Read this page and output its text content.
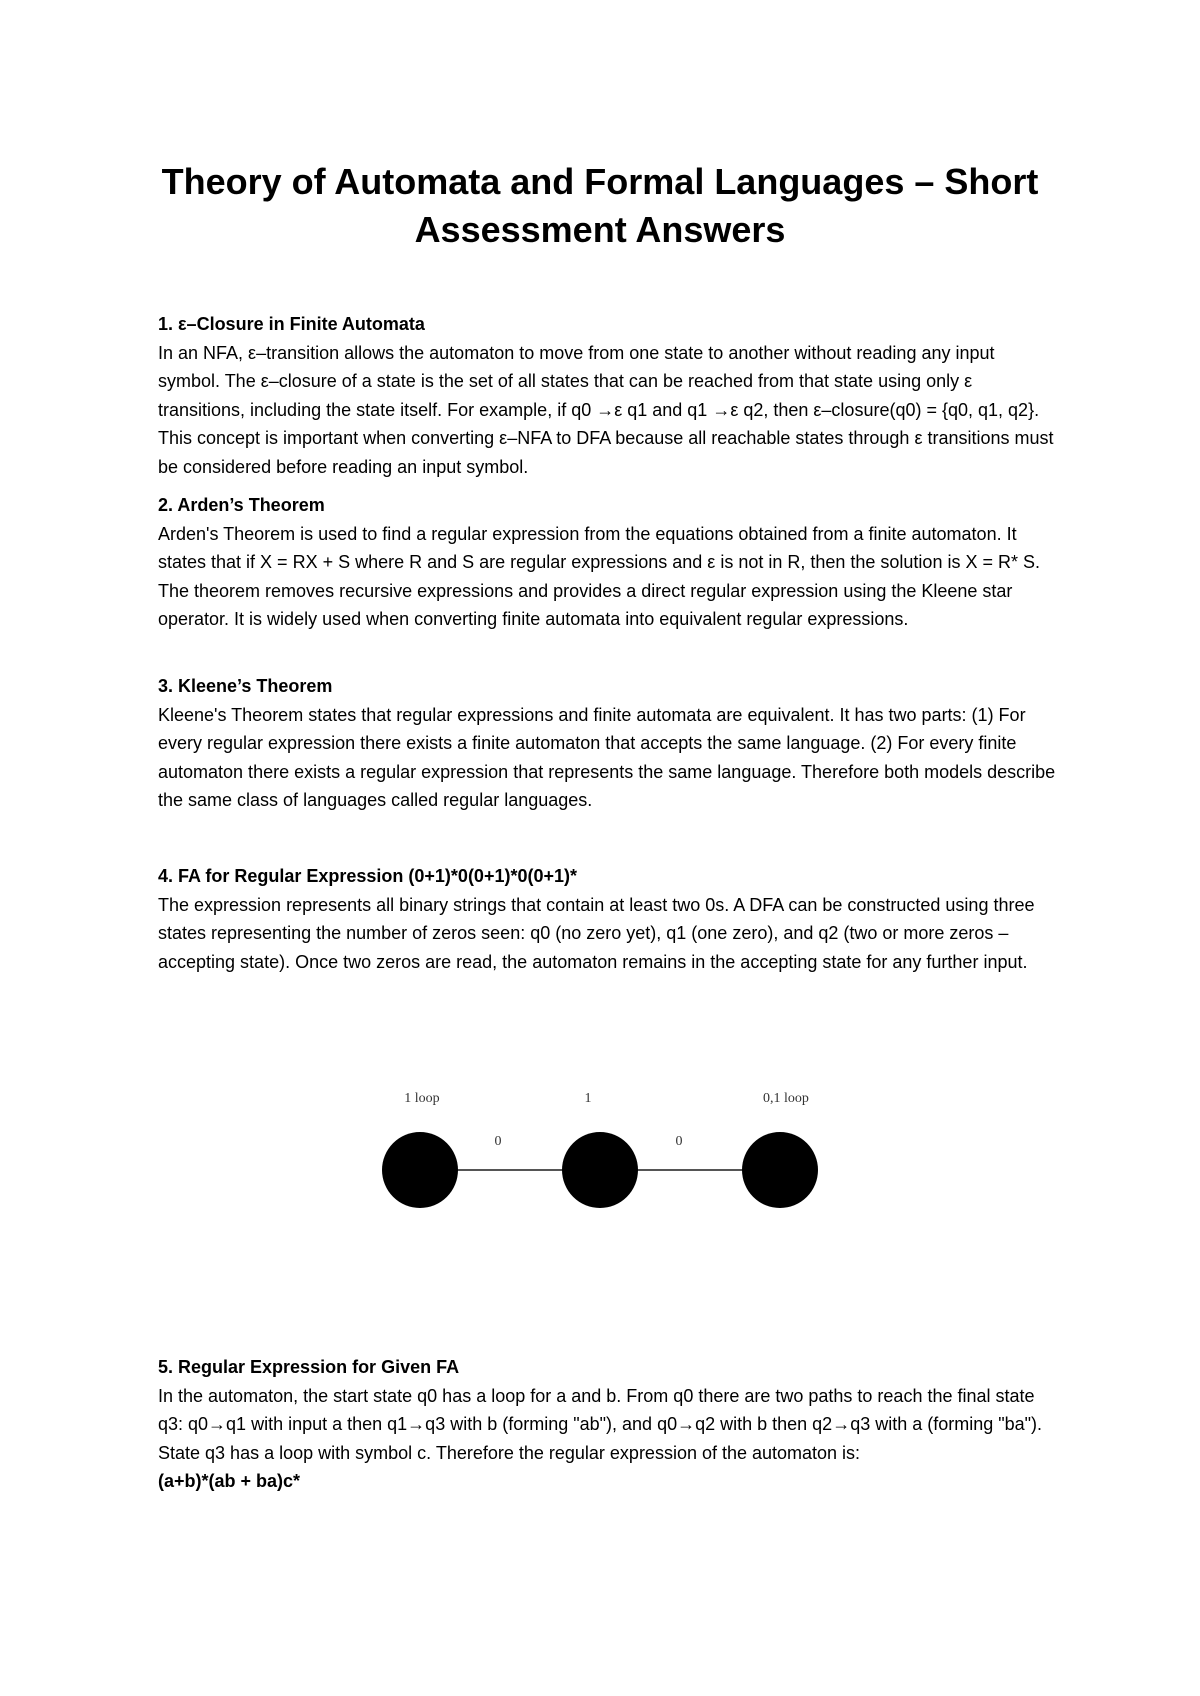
Theory of Automata and Formal Languages – Short Assessment Answers
1. ε–Closure in Finite Automata

In an NFA, ε–transition allows the automaton to move from one state to another without reading any input symbol. The ε–closure of a state is the set of all states that can be reached from that state using only ε transitions, including the state itself. For example, if q0 →ε q1 and q1 →ε q2, then ε–closure(q0) = {q0, q1, q2}. This concept is important when converting ε–NFA to DFA because all reachable states through ε transitions must be considered before reading an input symbol.

2. Arden’s Theorem

Arden's Theorem is used to find a regular expression from the equations obtained from a finite automaton. It states that if X = RX + S where R and S are regular expressions and ε is not in R, then the solution is X = R* S. The theorem removes recursive expressions and provides a direct regular expression using the Kleene star operator. It is widely used when converting finite automata into equivalent regular expressions.

3. Kleene’s Theorem

Kleene's Theorem states that regular expressions and finite automata are equivalent. It has two parts: (1) For every regular expression there exists a finite automaton that accepts the same language. (2) For every finite automaton there exists a regular expression that represents the same language. Therefore both models describe the same class of languages called regular languages.

4. FA for Regular Expression (0+1)*0(0+1)*0(0+1)*

The expression represents all binary strings that contain at least two 0s. A DFA can be constructed using three states representing the number of zeros seen: q0 (no zero yet), q1 (one zero), and q2 (two or more zeros – accepting state). Once two zeros are read, the automaton remains in the accepting state for any further input.

1 loop	1	0,1 loop
0	0
5. Regular Expression for Given FA

In the automaton, the start state q0 has a loop for a and b. From q0 there are two paths to reach the final state q3: q0→q1 with input a then q1→q3 with b (forming "ab"), and q0→q2 with b then q2→q3 with a (forming "ba"). State q3 has a loop with symbol c. Therefore the regular expression of the automaton is:

(a+b)*(ab + ba)c*
